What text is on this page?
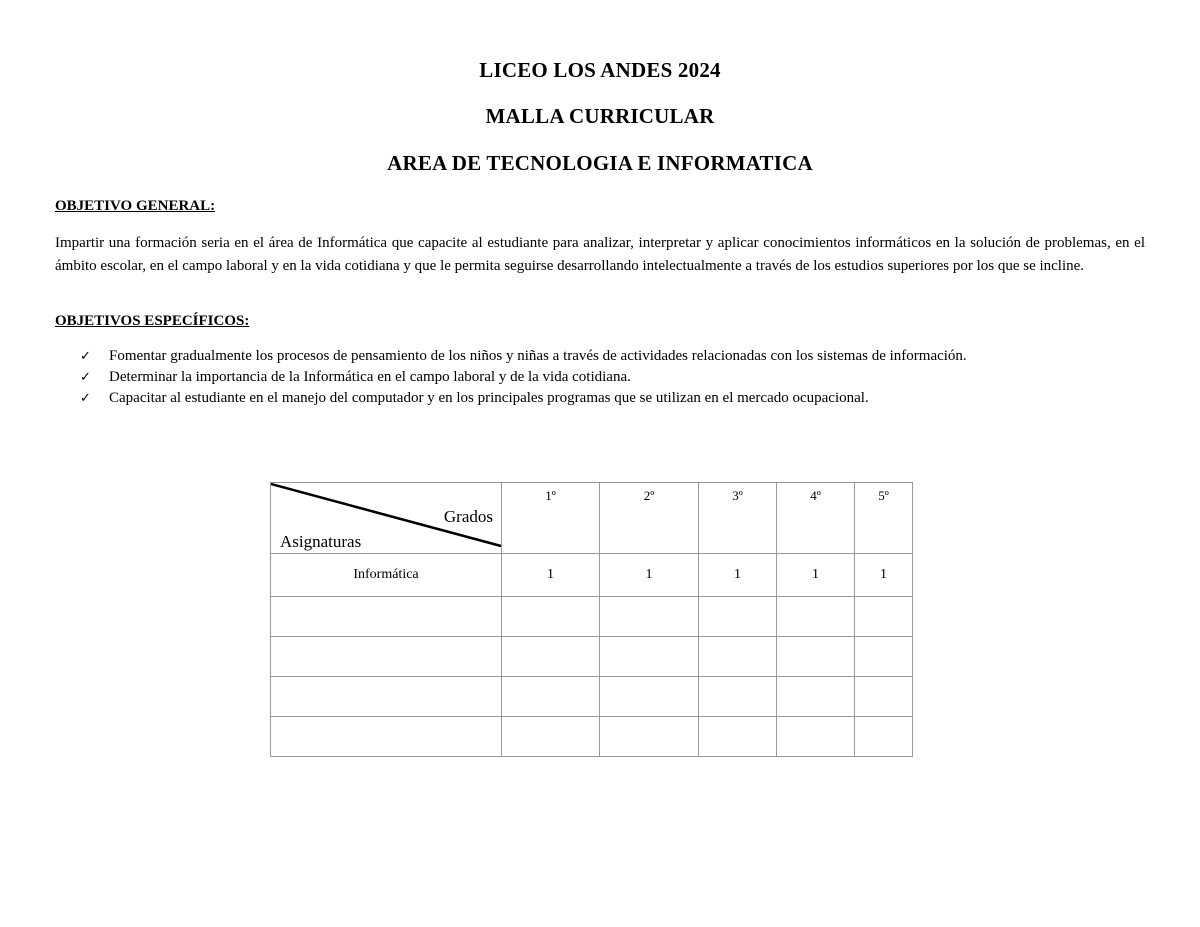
LICEO LOS ANDES 2024
MALLA CURRICULAR
AREA DE TECNOLOGIA E INFORMATICA
OBJETIVO GENERAL:
Impartir una formación seria en el área de Informática que capacite al estudiante para analizar, interpretar y aplicar conocimientos informáticos en la solución de problemas, en el ámbito escolar, en el campo laboral y en la vida cotidiana y que le permita seguirse desarrollando intelectualmente a través de los estudios superiores por los que se incline.
OBJETIVOS ESPECÍFICOS:
✓ Fomentar gradualmente los procesos de pensamiento de los niños y niñas a través de actividades relacionadas con los sistemas de información.
✓ Determinar la importancia de la Informática en el campo laboral y de la vida cotidiana.
✓ Capacitar al estudiante en el manejo del computador y en los principales programas que se utilizan en el mercado ocupacional.
Grados
Asignaturas	1º	2º	3º	4º	5º
Informática	1	1	1	1	1
